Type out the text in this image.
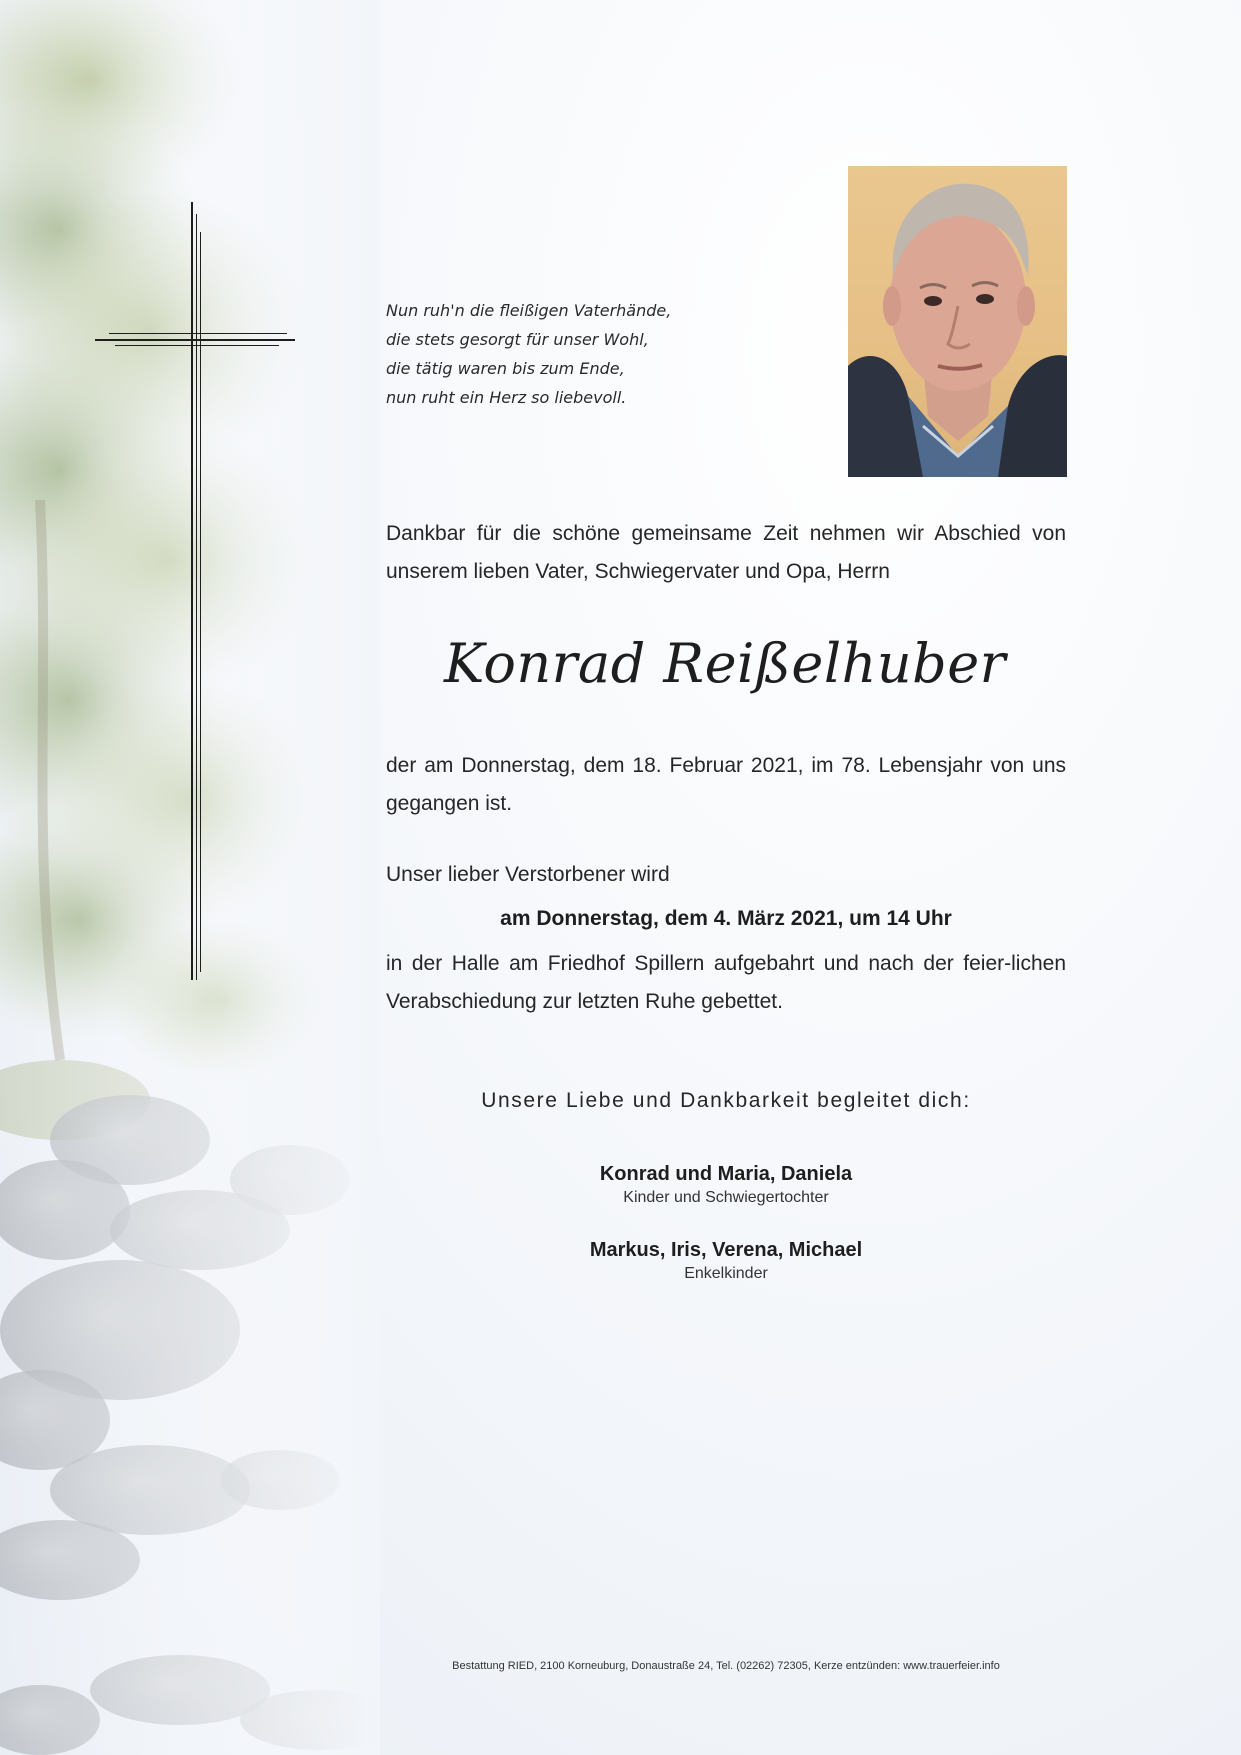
Nun ruh'n die fleißigen Vaterhände,
die stets gesorgt für unser Wohl,
die tätig waren bis zum Ende,
nun ruht ein Herz so liebevoll.
Dankbar für die schöne gemeinsame Zeit nehmen wir Abschied von unserem lieben Vater, Schwiegervater und Opa, Herrn
Konrad Reißelhuber
der am Donnerstag, dem 18. Februar 2021, im 78. Lebensjahr von uns gegangen ist.
Unser lieber Verstorbener wird
am Donnerstag, dem 4. März 2021, um 14 Uhr
in der Halle am Friedhof Spillern aufgebahrt und nach der feier-lichen Verabschiedung zur letzten Ruhe gebettet.
Unsere Liebe und Dankbarkeit begleitet dich:
Konrad und Maria, Daniela
Kinder und Schwiegertochter
Markus, Iris, Verena, Michael
Enkelkinder
Bestattung RIED, 2100 Korneuburg, Donaustraße 24, Tel. (02262) 72305, Kerze entzünden: www.trauerfeier.info
